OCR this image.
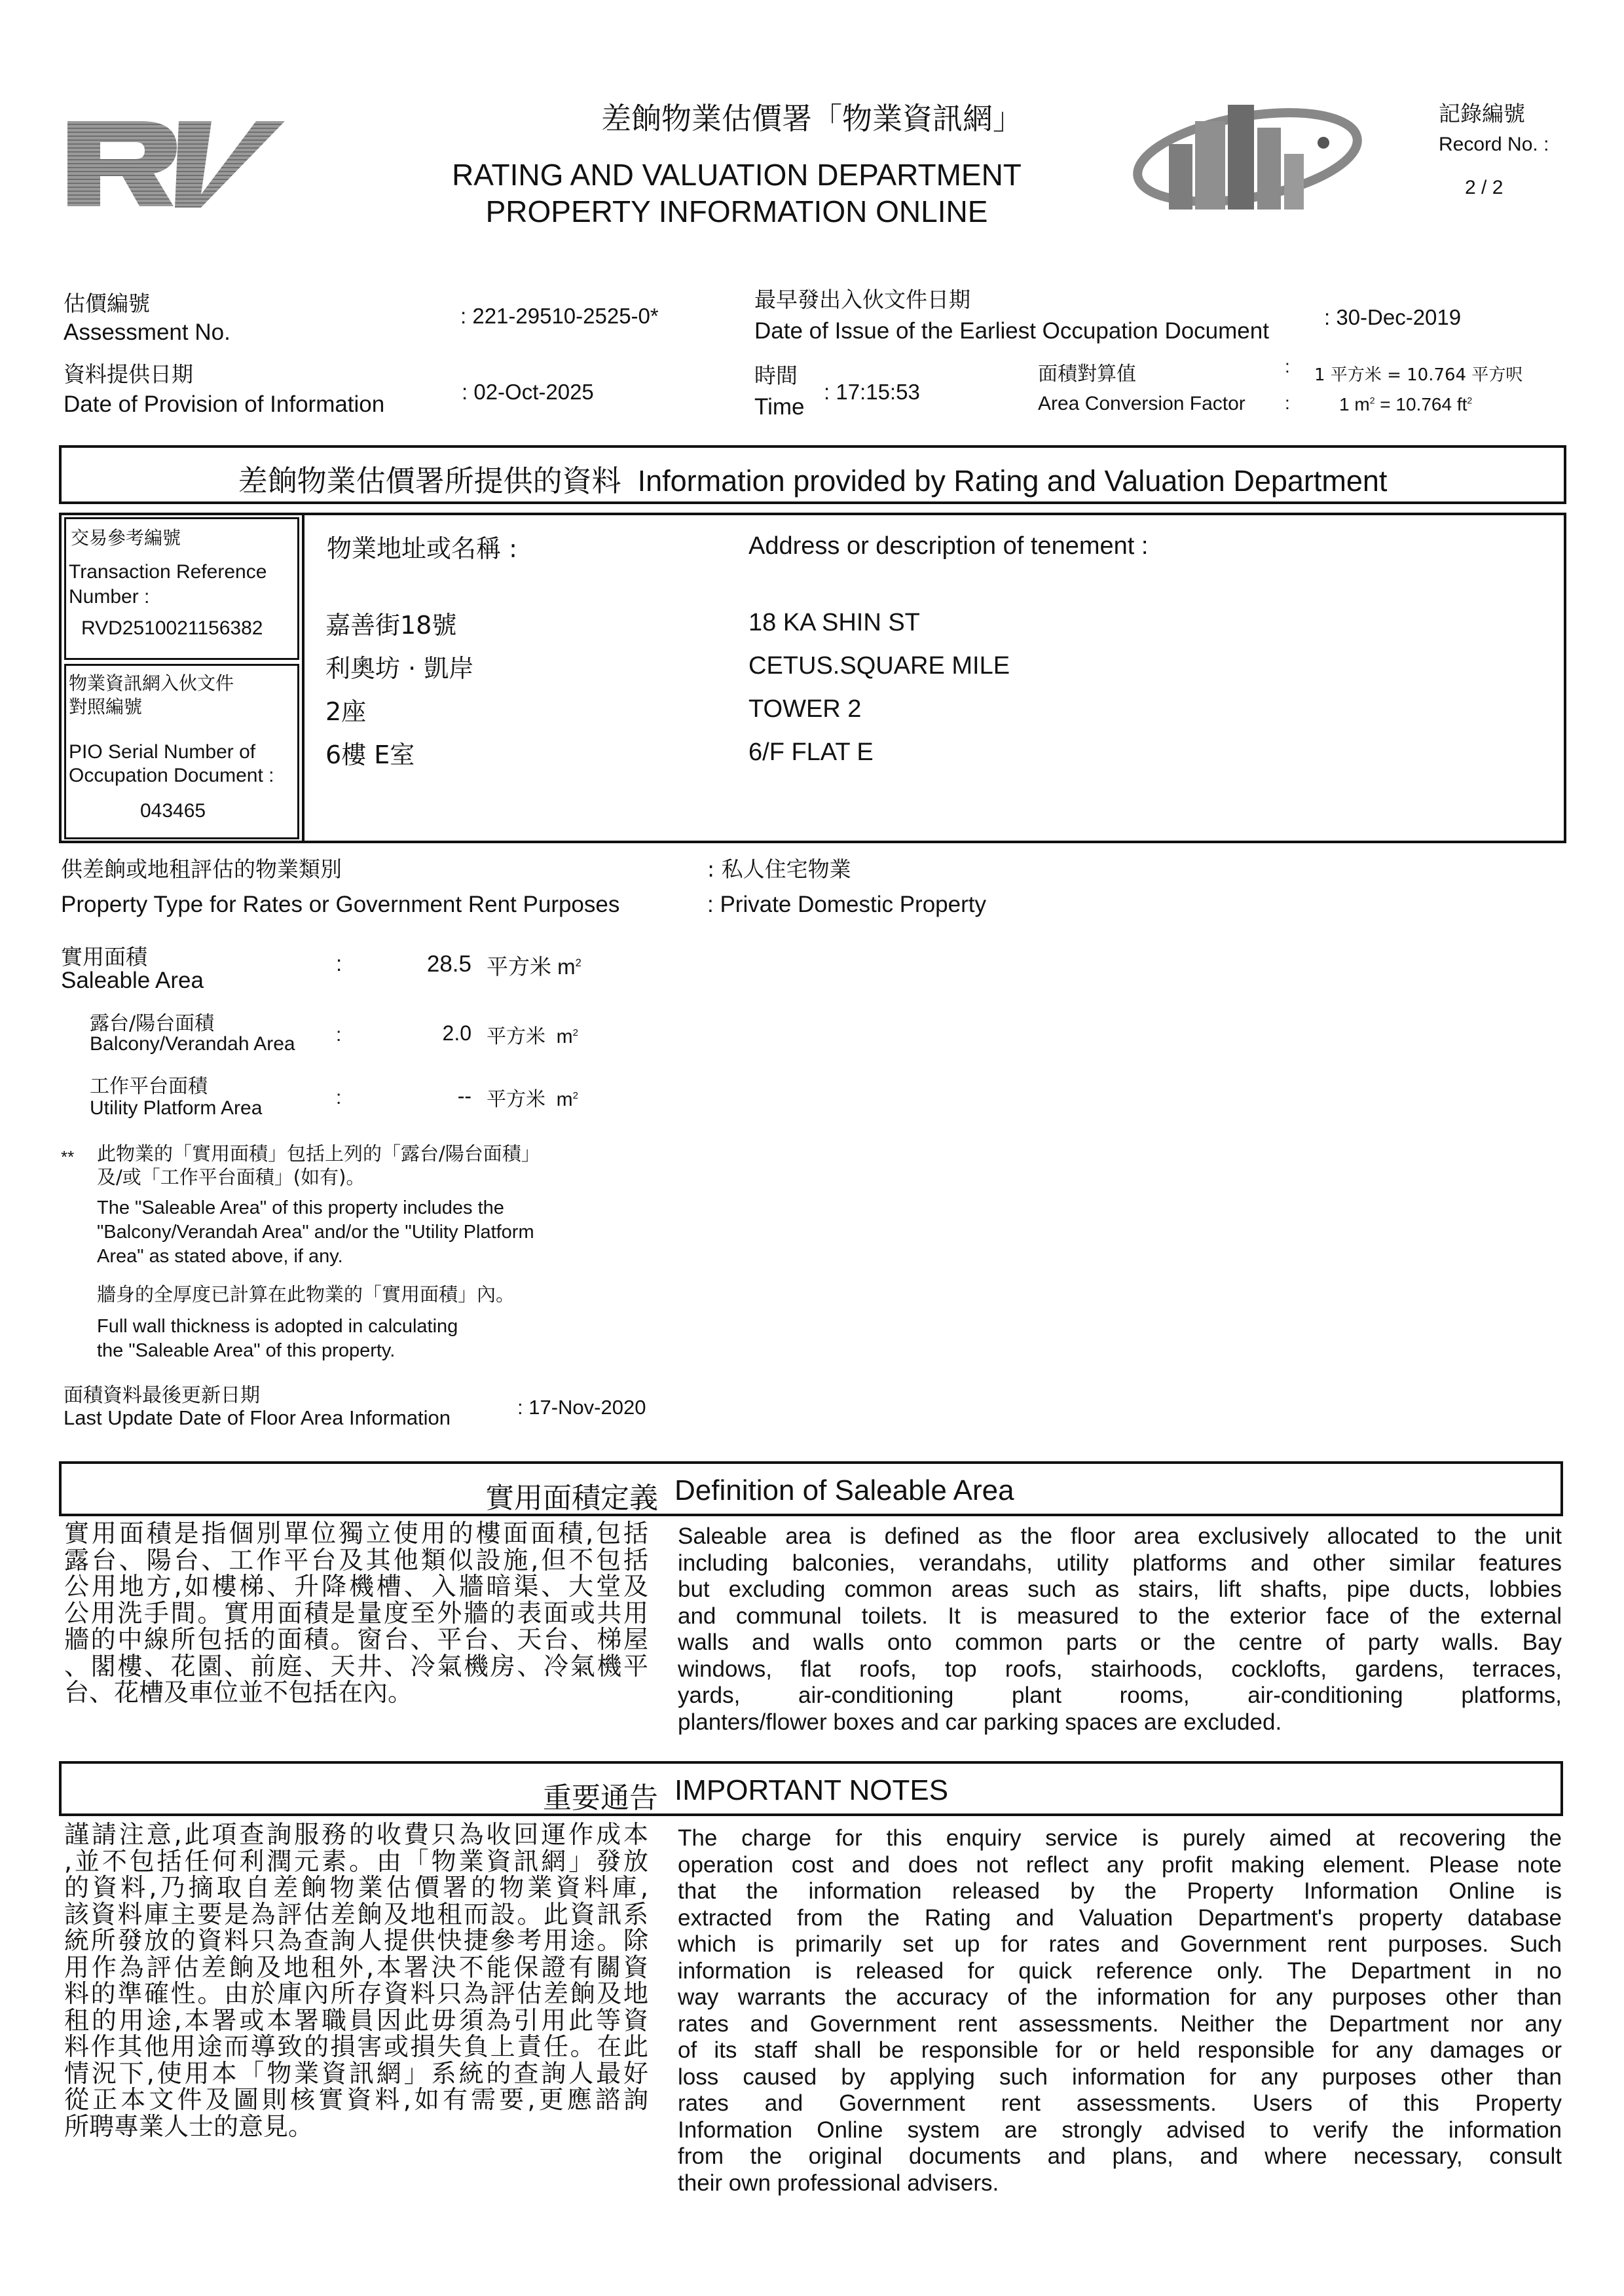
差餉物業估價署「物業資訊網」
RATING AND VALUATION DEPARTMENT
PROPERTY INFORMATION ONLINE
記錄編號
Record No. :
2 / 2
估價編號
Assessment No.
: 221-29510-2525-0*
資料提供日期
Date of Provision of Information	: 02-Oct-2025
最早發出入伙文件日期
Date of Issue of the Earliest Occupation Document
: 30-Dec-2019
時間
Time
: 17:15:53
面積對算值
Area Conversion Factor
:
:
1 平方米 = 10.764 平方呎
1 $m^2 = 10.764$ $ft^2$
差餉物業估價署所提供的資料 Information provided by Rating and Valuation Department
交易參考編號
Transaction Reference
Number :
RVD2510021156382
物業資訊網入伙文件
對照編號
PIO Serial Number of
Occupation Document :
043465
物業地址或名稱 :	Address or description of tenement :
嘉善街18號
利奧坊 · 凱岸
2座
6樓 E室
18 KA SHIN ST
CETUS.SQUARE MILE
TOWER 2
6/F FLAT E
供差餉或地租評估的物業類別
Property Type for Rates or Government Rent Purposes
: 私人住宅物業
: Private Domestic Property
實用面積
Saleable Area
:	28.5 平方米 $m^2$
露台/陽台面積
Balcony/Verandah Area :	2.0 平方米 $m^2$
工作平台面積
Utility Platform Area	:	-- 平方米 $m^2$
** 此物業的「實用面積」包括上列的「露台/陽台面積」
及/或「工作平台面積」(如有)。
The "Saleable Area" of this property includes the
"Balcony/Verandah Area" and/or the "Utility Platform
Area" as stated above, if any.
牆身的全厚度已計算在此物業的「實用面積」內。
Full wall thickness is adopted in calculating
the "Saleable Area" of this property.
面積資料最後更新日期
Last Update Date of Floor Area Information	: 17-Nov-2020
實用面積定義 Definition of Saleable Area
實用面積是指個別單位獨立使用的樓面面積,包括
露台、陽台、工作平台及其他類似設施,但不包括
公用地方,如樓梯、升降機槽、入牆暗渠、大堂及
公用洗手間。實用面積是量度至外牆的表面或共用
牆的中線所包括的面積。窗台、平台、天台、梯屋
、閣樓、花園、前庭、天井、冷氣機房、冷氣機平
台、花槽及車位並不包括在內。
Saleable area is defined as the floor area exclusively allocated to the unit
including balconies, verandahs, utility platforms and other similar features
but excluding common areas such as stairs, lift shafts, pipe ducts, lobbies
and communal toilets. It is measured to the exterior face of the external
walls and walls onto common parts or the centre of party walls. Bay
windows, flat roofs, top roofs, stairhoods, cocklofts, gardens, terraces,
yards, air-conditioning plant rooms, air-conditioning platforms,
planters/flower boxes and car parking spaces are excluded.
重要通告 IMPORTANT NOTES
謹請注意,此項查詢服務的收費只為收回運作成本
,並不包括任何利潤元素。由「物業資訊網」發放
的資料,乃摘取自差餉物業估價署的物業資料庫,
該資料庫主要是為評估差餉及地租而設。此資訊系
統所發放的資料只為查詢人提供快捷參考用途。除
用作為評估差餉及地租外,本署決不能保證有關資
料的準確性。由於庫內所存資料只為評估差餉及地
租的用途,本署或本署職員因此毋須為引用此等資
料作其他用途而導致的損害或損失負上責任。在此
情況下,使用本「物業資訊網」系統的查詢人最好
從正本文件及圖則核實資料,如有需要,更應諮詢
所聘專業人士的意見。
The charge for this enquiry service is purely aimed at recovering the
operation cost and does not reflect any profit making element. Please note
that the information released by the Property Information Online is
extracted from the Rating and Valuation Department's property database
which is primarily set up for rates and Government rent purposes. Such
information is released for quick reference only. The Department in no
way warrants the accuracy of the information for any purposes other than
rates and Government rent assessments. Neither the Department nor any
of its staff shall be responsible for or held responsible for any damages or
loss caused by applying such information for any purposes other than
rates and Government rent assessments. Users of this Property
Information Online system are strongly advised to verify the information
from the original documents and plans, and where necessary, consult
their own professional advisers.
